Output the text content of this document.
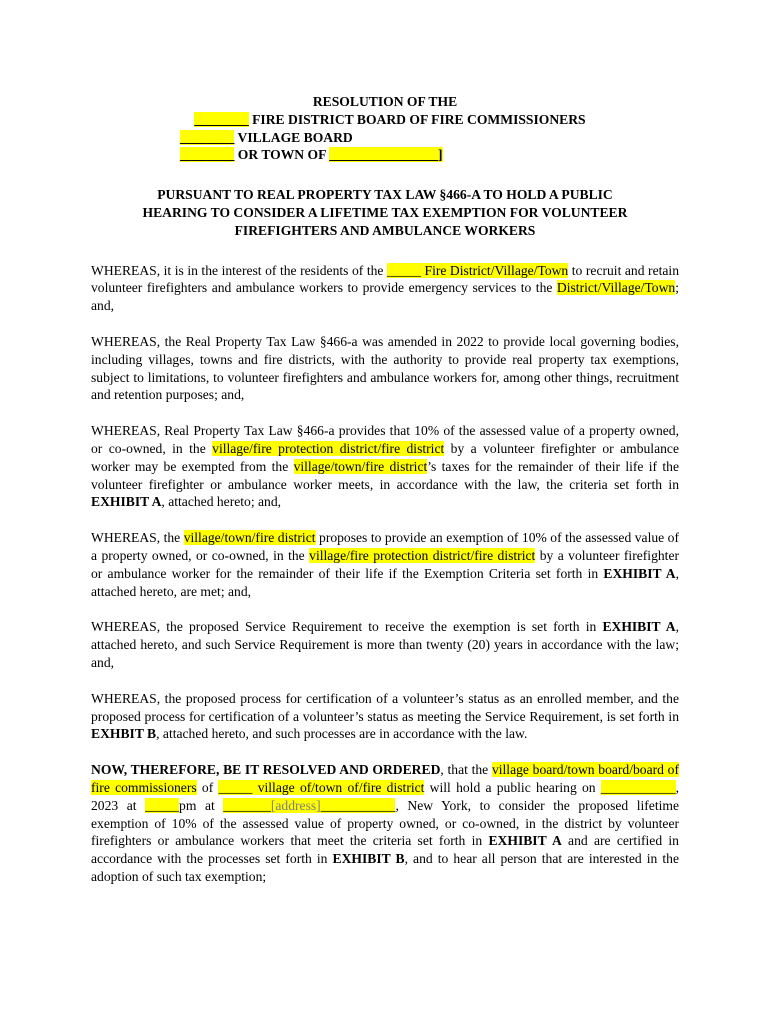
RESOLUTION OF THE

________ FIRE DISTRICT BOARD OF FIRE COMMISSIONERS

________ VILLAGE BOARD

________ OR TOWN OF ________________]

PURSUANT TO REAL PROPERTY TAX LAW §466-A TO HOLD A PUBLIC
HEARING TO CONSIDER A LIFETIME TAX EXEMPTION FOR VOLUNTEER
FIREFIGHTERS AND AMBULANCE WORKERS

WHEREAS, it is in the interest of the residents of the _____ Fire District/Village/Town to recruit and retain volunteer firefighters and ambulance workers to provide emergency services to the District/Village/Town; and,

WHEREAS, the Real Property Tax Law §466-a was amended in 2022 to provide local governing bodies, including villages, towns and fire districts, with the authority to provide real property tax exemptions, subject to limitations, to volunteer firefighters and ambulance workers for, among other things, recruitment and retention purposes; and,

WHEREAS, Real Property Tax Law §466-a provides that 10% of the assessed value of a property owned, or co-owned, in the village/fire protection district/fire district by a volunteer firefighter or ambulance worker may be exempted from the village/town/fire district’s taxes for the remainder of their life if the volunteer firefighter or ambulance worker meets, in accordance with the law, the criteria set forth in EXHIBIT A, attached hereto; and,

WHEREAS, the village/town/fire district proposes to provide an exemption of 10% of the assessed value of a property owned, or co-owned, in the village/fire protection district/fire district by a volunteer firefighter or ambulance worker for the remainder of their life if the Exemption Criteria set forth in EXHIBIT A, attached hereto, are met; and,

WHEREAS, the proposed Service Requirement to receive the exemption is set forth in EXHIBIT A, attached hereto, and such Service Requirement is more than twenty (20) years in accordance with the law; and,

WHEREAS, the proposed process for certification of a volunteer’s status as an enrolled member, and the proposed process for certification of a volunteer’s status as meeting the Service Requirement, is set forth in EXHBIT B, attached hereto, and such processes are in accordance with the law.

NOW, THEREFORE, BE IT RESOLVED AND ORDERED, that the village board/town board/board of fire commissioners of _____ village of/town of/fire district will hold a public hearing on ___________, 2023 at _____pm at _______[address]___________, New York, to consider the proposed lifetime exemption of 10% of the assessed value of property owned, or co-owned, in the district by volunteer firefighters or ambulance workers that meet the criteria set forth in EXHIBIT A and are certified in accordance with the processes set forth in EXHIBIT B, and to hear all person that are interested in the adoption of such tax exemption;
